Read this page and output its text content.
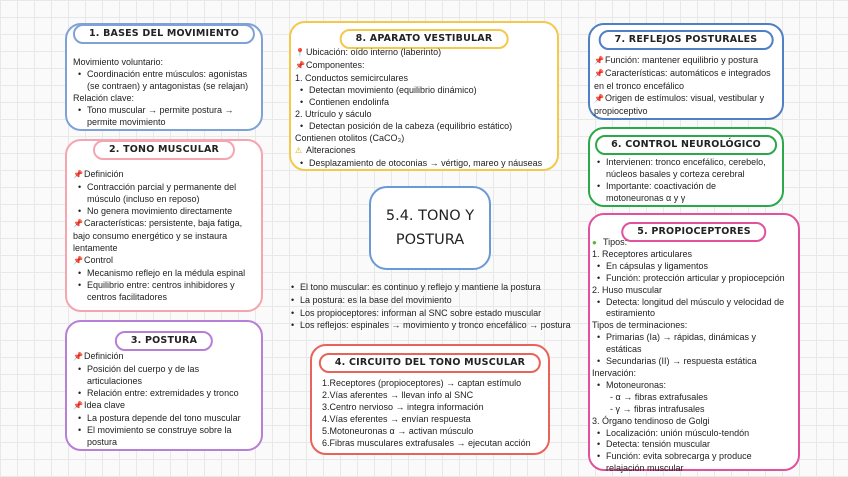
1. BASES DEL MOVIMIENTO
Movimiento voluntario:
• Coordinación entre músculos: agonistas (se contraen) y antagonistas (se relajan)
Relación clave:
• Tono muscular → permite postura → permite movimiento
2. TONO MUSCULAR
📌Definición
• Contracción parcial y permanente del músculo (incluso en reposo)
• No genera movimiento directamente
📌Características: persistente, baja fatiga, bajo consumo energético y se instaura lentamente
📌Control
• Mecanismo reflejo en la médula espinal
• Equilibrio entre: centros inhibidores y centros facilitadores
3. POSTURA
📌Definición
• Posición del cuerpo y de las articulaciones
• Relación entre: extremidades y tronco
📌Idea clave
• La postura depende del tono muscular
• El movimiento se construye sobre la postura
8. APARATO VESTIBULAR
📍Ubicación: oído interno (laberinto)
📌Componentes:
1. Conductos semicirculares
• Detectan movimiento (equilibrio dinámico)
• Contienen endolinfa
2. Utrículo y sáculo
• Detectan posición de la cabeza (equilibrio estático)
Contienen otolitos (CaCO₃)
⚠ Alteraciones
• Desplazamiento de otoconias → vértigo, mareo y náuseas
5.4. TONO Y POSTURA
• El tono muscular: es continuo y reflejo y mantiene la postura
• La postura: es la base del movimiento
• Los propioceptores: informan al SNC sobre estado muscular
• Los reflejos: espinales → movimiento y tronco encefálico → postura
4. CIRCUITO DEL TONO MUSCULAR
1.Receptores (propioceptores) → captan estímulo
2.Vías aferentes → llevan info al SNC
3.Centro nervioso → integra información
4.Vías eferentes → envían respuesta
5.Motoneuronas α → activan músculo
6.Fibras musculares extrafusales → ejecutan acción
7. REFLEJOS POSTURALES
📌Función: mantener equilibrio y postura
📌Características: automáticos e integrados en el tronco encefálico
📌Origen de estímulos: visual, vestibular y propioceptivo
6. CONTROL NEUROLÓGICO
• Intervienen: tronco encefálico, cerebelo, núcleos basales y corteza cerebral
• Importante: coactivación de motoneuronas α y γ
5. PROPIOCEPTORES
● Tipos:
1. Receptores articulares
• En cápsulas y ligamentos
• Función: protección articular y propiocepción
2. Huso muscular
• Detecta: longitud del músculo y velocidad de estiramiento
Tipos de terminaciones:
• Primarias (Ia) → rápidas, dinámicas y estáticas
• Secundarias (II) → respuesta estática
Inervación:
• Motoneuronas:
- α → fibras extrafusales
- γ → fibras intrafusales
3. Órgano tendinoso de Golgi
• Localización: unión músculo-tendón
• Detecta: tensión muscular
• Función: evita sobrecarga y produce relajación muscular
